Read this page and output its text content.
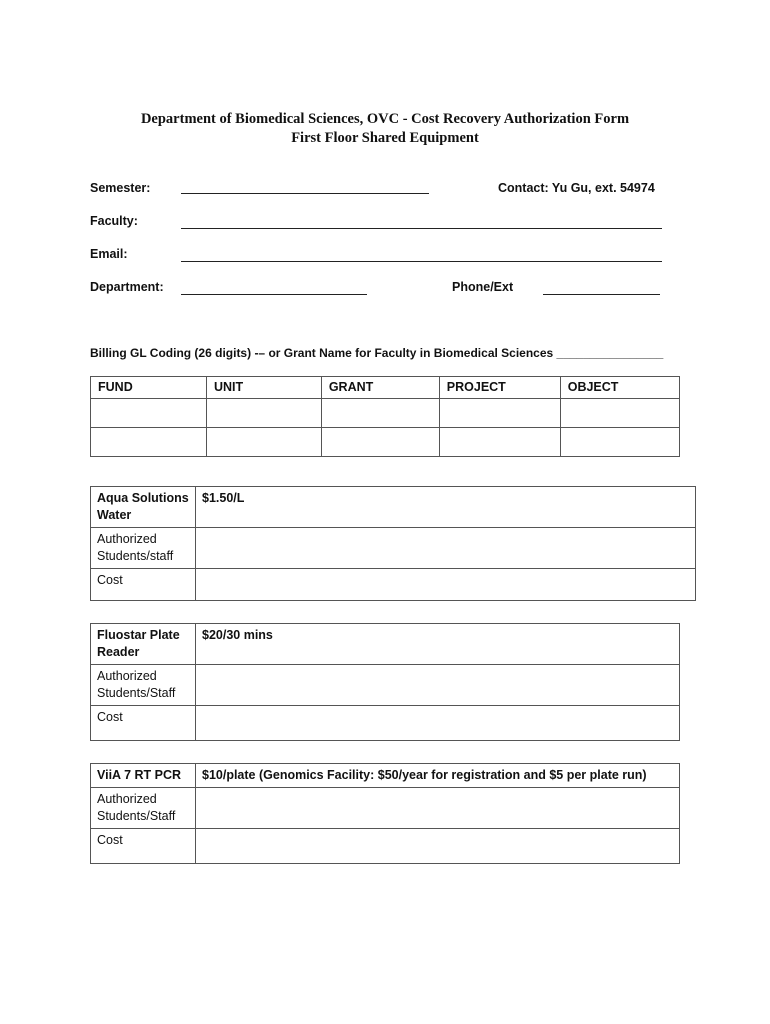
Department of Biomedical Sciences, OVC - Cost Recovery Authorization Form
First Floor Shared Equipment
Semester:	Contact: Yu Gu, ext. 54974
Faculty:
Email:
Department:	Phone/Ext
Billing GL Coding (26 digits) -– or Grant Name for Faculty in Biomedical Sciences ________________
FUND	UNIT	GRANT	PROJECT	OBJECT

Aqua Solutions Water	$1.50/L
Authorized Students/staff	
Cost	
Fluostar Plate Reader	$20/30 mins
Authorized Students/Staff	
Cost	
ViiA 7 RT PCR	$10/plate (Genomics Facility: $50/year for registration and $5 per plate run)
Authorized Students/Staff	
Cost	
